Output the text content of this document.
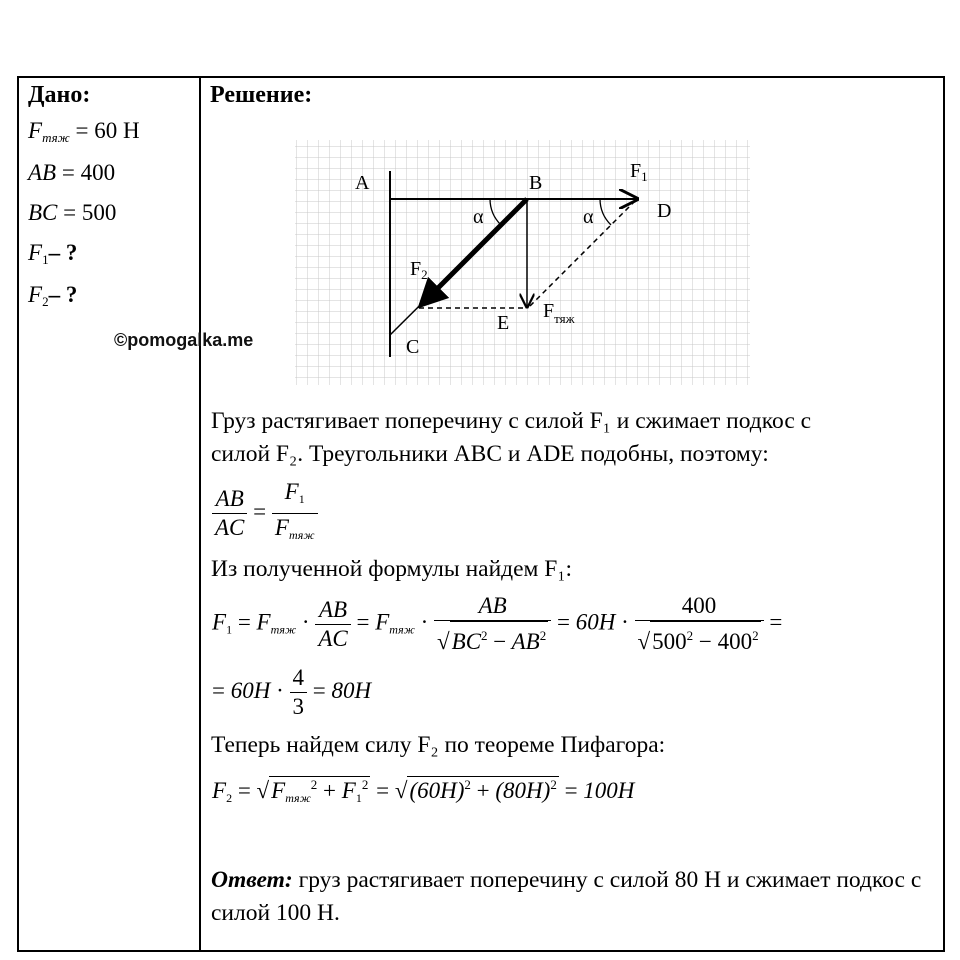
Дано:	Решение:
$F_{тяж} = 60$ Н
AB = 400
BC = 500
$F_1-$ ?
$F_2-$ ?
©pomogalka.me
A	B
C
D
E
α	α
$F_1$
$F_2$
$F_{тяж}$
Груз растягивает поперечину с силой F₁ и сжимает подкос с
силой F₂. Треугольники ABC и ADE подобны, поэтому:
$\frac{AB}{AC} = \frac{F1}{\text{Fтяж}}$
Из полученной формулы найдем F₁:
F1 = Fтяж · $\frac{AB}{AC}$ = Fтяж · $\frac{AB}{√BC^2 - AB^2} = 60H \cdot \frac{400}{√500^2 - 400^2}$ =
= $60H \cdot \frac{4}{3} = 80H$
Теперь найдем силу F₂ по теореме Пифагора:
F2 = √Fтяж$^2$ + $F1^2 = √(60H)^2 + (80H)^2 = 100H$
Ответ: груз растягивает поперечину с силой 80 Н и сжимает подкос с силой 100 Н.
